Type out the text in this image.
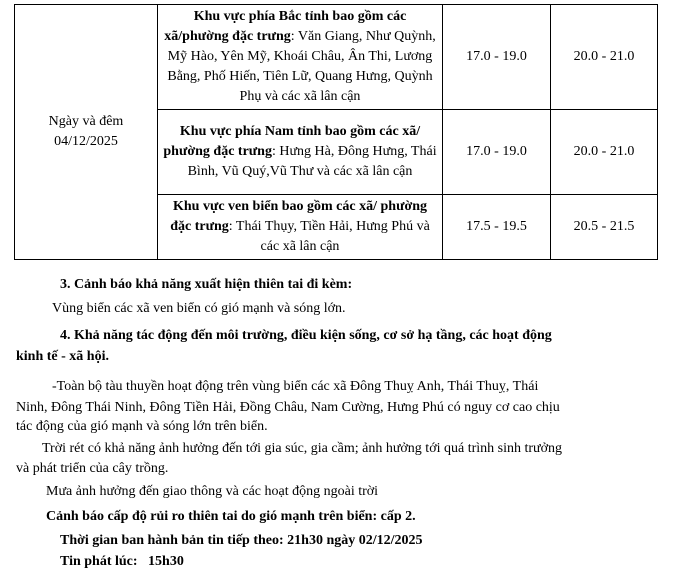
Ngày và đêm
04/12/2025	Khu vực phía Bắc tỉnh bao gồm các xã/phường đặc trưng: Văn Giang, Như Quỳnh, Mỹ Hào, Yên Mỹ, Khoái Châu, Ân Thi, Lương Bằng, Phố Hiến, Tiên Lữ, Quang Hưng, Quỳnh Phụ và các xã lân cận	17.0 - 19.0	20.0 - 21.0

	Khu vực phía Nam tỉnh bao gồm các xã/ phường đặc trưng: Hưng Hà, Đông Hưng, Thái Bình, Vũ Quý,Vũ Thư và các xã lân cận	17.0 - 19.0	20.0 - 21.0

	Khu vực ven biển bao gồm các xã/ phường đặc trưng: Thái Thụy, Tiền Hải, Hưng Phú và các xã lân cận	17.5 - 19.5	20.5 - 21.5
3. Cảnh báo khả năng xuất hiện thiên tai đi kèm:
Vùng biển các xã ven biển có gió mạnh và sóng lớn.
4. Khả năng tác động đến môi trường, điều kiện sống, cơ sở hạ tầng, các hoạt động
kinh tế - xã hội.
-Toàn bộ tàu thuyền hoạt động trên vùng biển các xã Đông Thuỵ Anh, Thái Thuỵ, Thái
Ninh, Đông Thái Ninh, Đông Tiền Hải, Đồng Châu, Nam Cường, Hưng Phú có nguy cơ cao chịu
tác động của gió mạnh và sóng lớn trên biển.
Trời rét có khả năng ảnh hưởng đến tới gia súc, gia cầm; ảnh hưởng tới quá trình sinh trưởng
và phát triển của cây trồng.
Mưa ảnh hưởng đến giao thông và các hoạt động ngoài trời
Cảnh báo cấp độ rủi ro thiên tai do gió mạnh trên biển: cấp 2.
Thời gian ban hành bản tin tiếp theo: 21h30 ngày 02/12/2025
Tin phát lúc: 15h30
